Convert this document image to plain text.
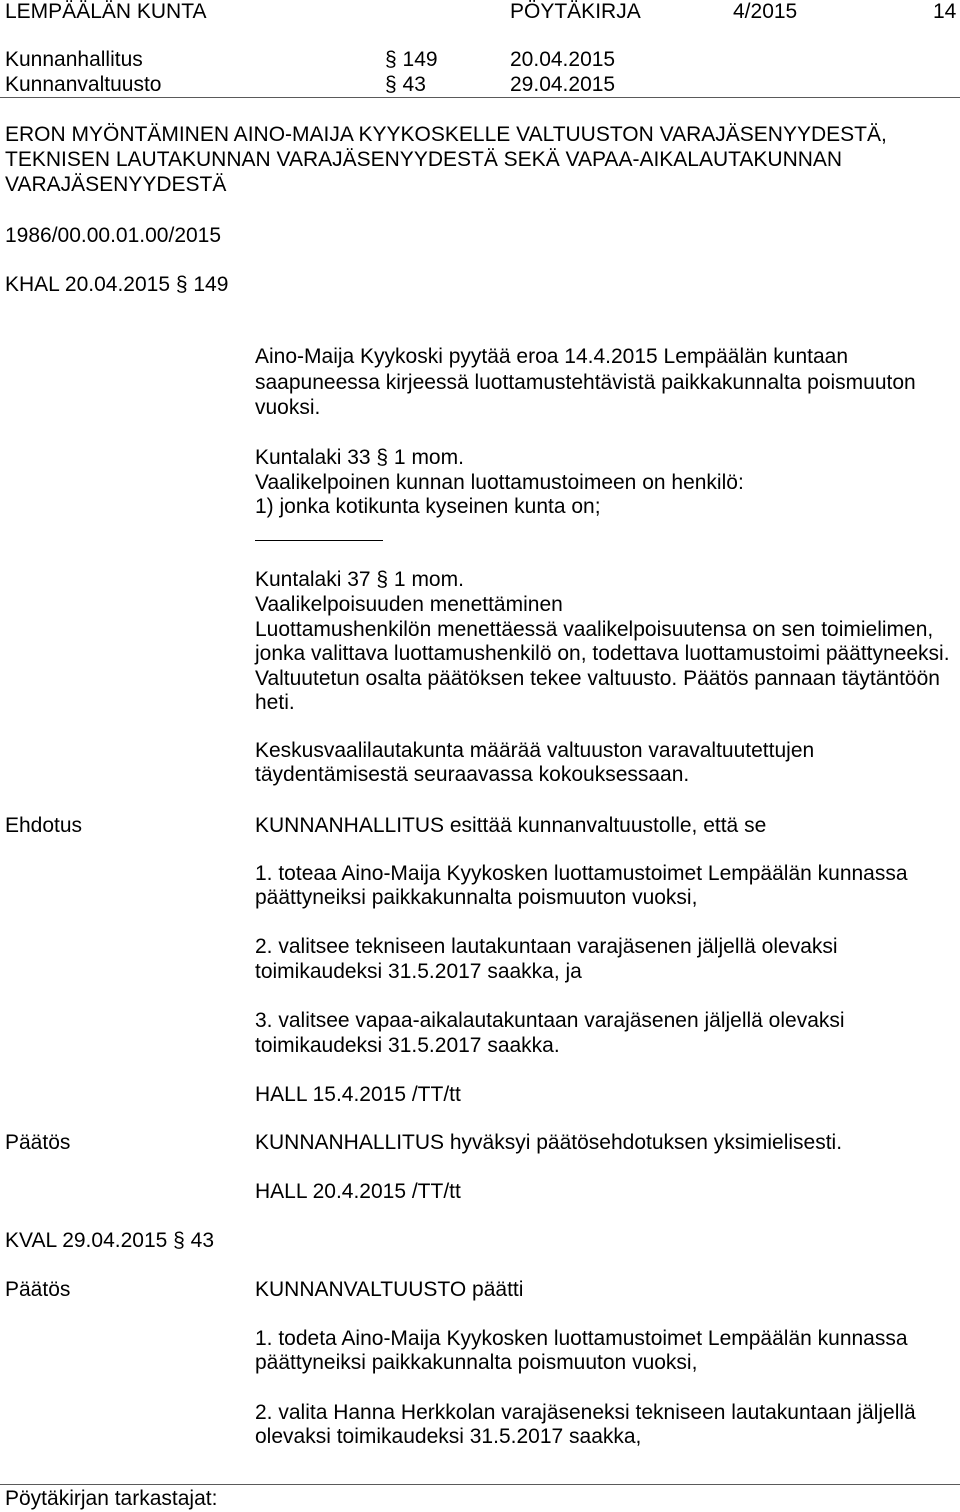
LEMPÄÄLÄN KUNTA	PÖYTÄKIRJA	4/2015	14
Kunnanhallitus	§ 149	20.04.2015
Kunnanvaltuusto	§ 43	29.04.2015
ERON MYÖNTÄMINEN AINO-MAIJA KYYKOSKELLE VALTUUSTON VARAJÄSENYYDESTÄ,
TEKNISEN LAUTAKUNNAN VARAJÄSENYYDESTÄ SEKÄ VAPAA-AIKALAUTAKUNNAN
VARAJÄSENYYDESTÄ
1986/00.00.01.00/2015
KHAL 20.04.2015 § 149
Aino-Maija Kyykoski pyytää eroa 14.4.2015 Lempäälän kuntaan
saapuneessa kirjeessä luottamustehtävistä paikkakunnalta poismuuton
vuoksi.
Kuntalaki 33 § 1 mom.
Vaalikelpoinen kunnan luottamustoimeen on henkilö:
1) jonka kotikunta kyseinen kunta on;
Kuntalaki 37 § 1 mom.
Vaalikelpoisuuden menettäminen
Luottamushenkilön menettäessä vaalikelpoisuutensa on sen toimielimen,
jonka valittava luottamushenkilö on, todettava luottamustoimi päättyneeksi.
Valtuutetun osalta päätöksen tekee valtuusto. Päätös pannaan täytäntöön
heti.
Keskusvaalilautakunta määrää valtuuston varavaltuutettujen
täydentämisestä seuraavassa kokouksessaan.
Ehdotus	KUNNANHALLITUS esittää kunnanvaltuustolle, että se
1. toteaa Aino-Maija Kyykosken luottamustoimet Lempäälän kunnassa
päättyneiksi paikkakunnalta poismuuton vuoksi,
2. valitsee tekniseen lautakuntaan varajäsenen jäljellä olevaksi
toimikaudeksi 31.5.2017 saakka, ja
3. valitsee vapaa-aikalautakuntaan varajäsenen jäljellä olevaksi
toimikaudeksi 31.5.2017 saakka.
HALL 15.4.2015 /TT/tt
Päätös	KUNNANHALLITUS hyväksyi päätösehdotuksen yksimielisesti.
HALL 20.4.2015 /TT/tt
KVAL 29.04.2015 § 43
Päätös	KUNNANVALTUUSTO päätti
1. todeta Aino-Maija Kyykosken luottamustoimet Lempäälän kunnassa
päättyneiksi paikkakunnalta poismuuton vuoksi,
2. valita Hanna Herkkolan varajäseneksi tekniseen lautakuntaan jäljellä
olevaksi toimikaudeksi 31.5.2017 saakka,
Pöytäkirjan tarkastajat:
